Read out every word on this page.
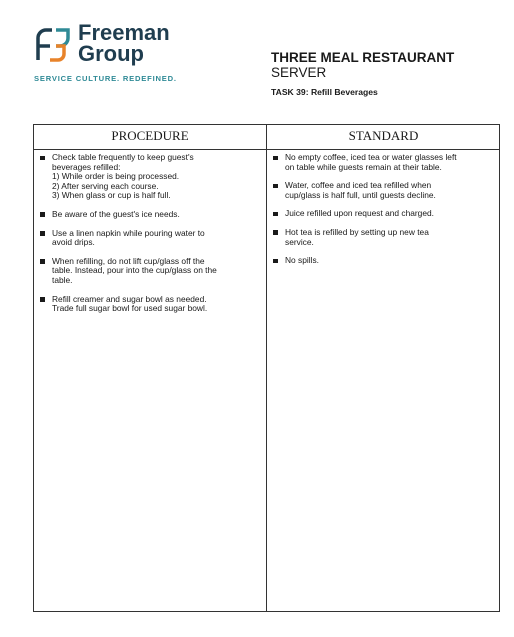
Freeman
Group
SERVICE CULTURE. REDEFINED.
THREE MEAL RESTAURANT
SERVER
TASK 39: Refill Beverages
PROCEDURE	STANDARD
Check table frequently to keep guest's
beverages refilled:
1) While order is being processed.
2) After serving each course.
3) When glass or cup is half full.
Be aware of the guest's ice needs.
Use a linen napkin while pouring water to
avoid drips.
When refilling, do not lift cup/glass off the
table. Instead, pour into the cup/glass on the
table.
Refill creamer and sugar bowl as needed.
Trade full sugar bowl for used sugar bowl.
No empty coffee, iced tea or water glasses left
on table while guests remain at their table.
Water, coffee and iced tea refilled when
cup/glass is half full, until guests decline.
Juice refilled upon request and charged.
Hot tea is refilled by setting up new tea
service.
No spills.
